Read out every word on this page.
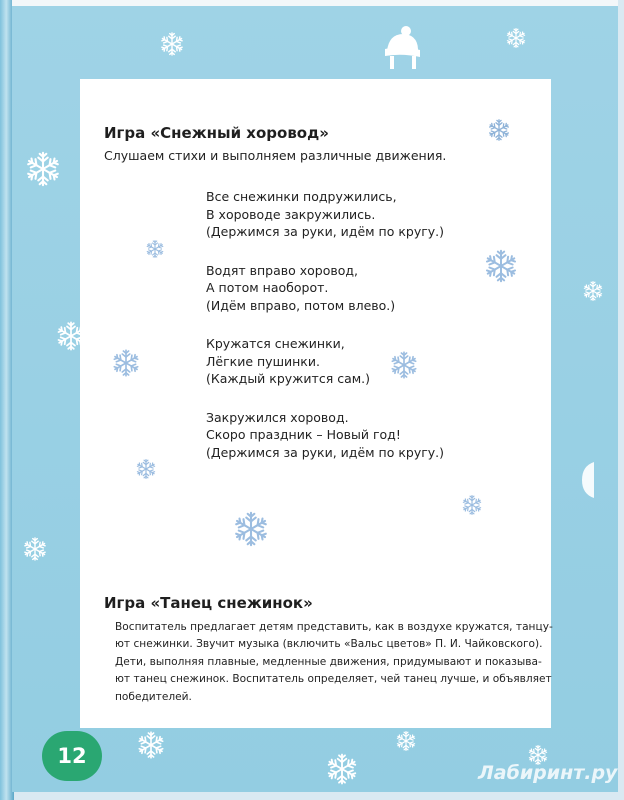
Игра «Снежный хоровод»

Слушаем стихи и выполняем различные движения.

Все снежинки подружились,
В хороводе закружились.
(Держимся за руки, идём по кругу.)
Водят вправо хоровод,
А потом наоборот.
(Идём вправо, потом влево.)
Кружатся снежинки,
Лёгкие пушинки.
(Каждый кружится сам.)
Закружился хоровод.
Скоро праздник – Новый год!
(Держимся за руки, идём по кругу.)
Игра «Танец снежинок»

Воспитатель предлагает детям представить, как в воздухе кружатся, танцу-
ют снежинки. Звучит музыка (включить «Вальс цветов» П. И. Чайковского).
Дети, выполняя плавные, медленные движения, придумывают и показыва-
ют танец снежинок. Воспитатель определяет, чей танец лучше, и объявляет
победителей.

12
Лабиринт.ру
